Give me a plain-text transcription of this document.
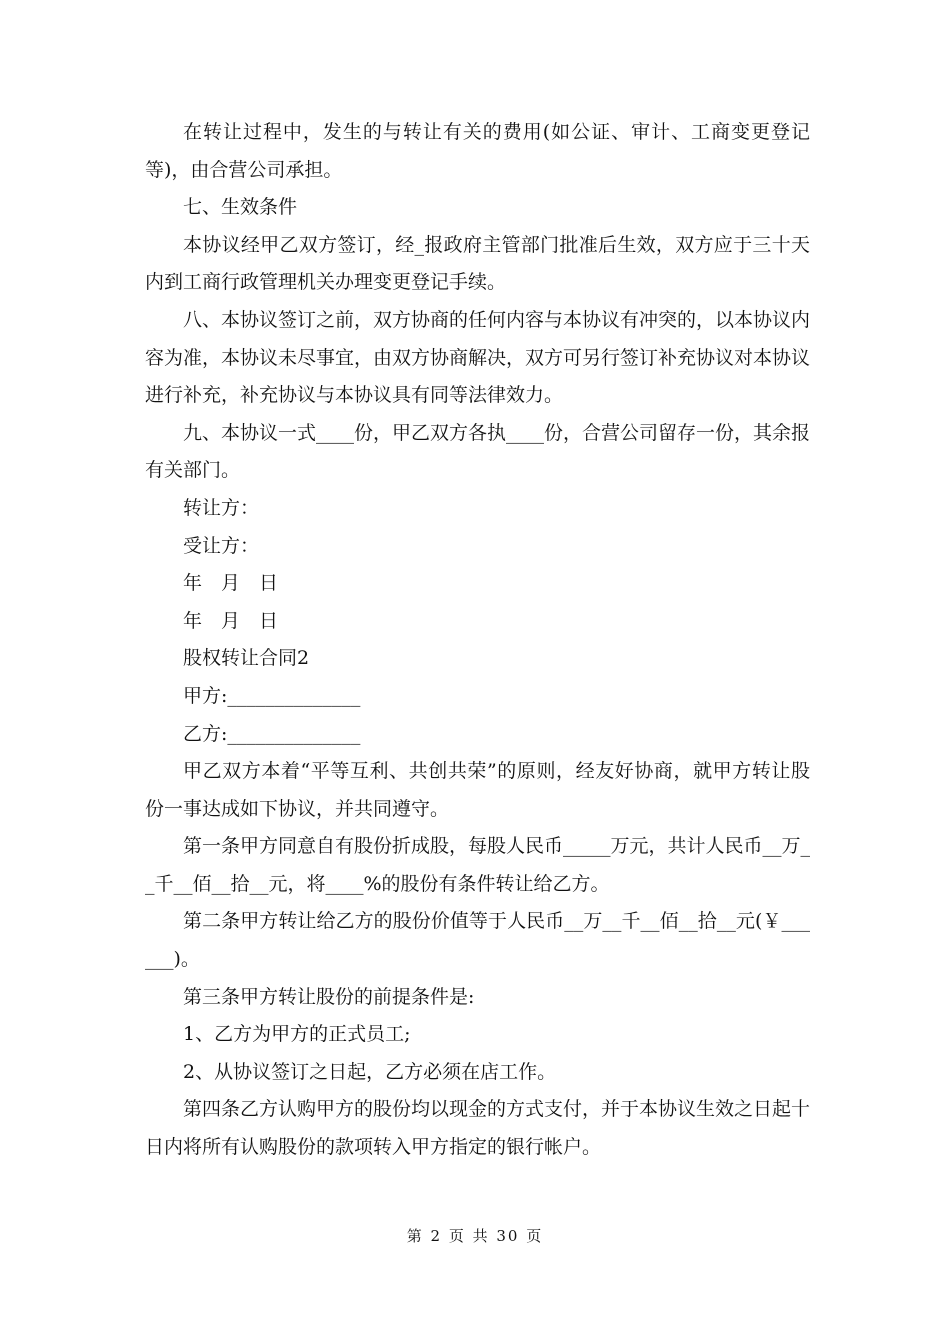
在转让过程中，发生的与转让有关的费用(如公证、审计、工商变更登记等)，由合营公司承担。

七、生效条件

本协议经甲乙双方签订，经_报政府主管部门批准后生效，双方应于三十天内到工商行政管理机关办理变更登记手续。

八、本协议签订之前，双方协商的任何内容与本协议有冲突的，以本协议内容为准，本协议未尽事宜，由双方协商解决，双方可另行签订补充协议对本协议进行补充，补充协议与本协议具有同等法律效力。

九、本协议一式____份，甲乙双方各执____份，合营公司留存一份，其余报有关部门。

转让方：

受让方：

年　月　日

年　月　日

股权转让合同2

甲方:______________

乙方:______________

甲乙双方本着“平等互利、共创共荣”的原则，经友好协商，就甲方转让股份一事达成如下协议，并共同遵守。

第一条甲方同意自有股份折成股，每股人民币_____万元，共计人民币__万__千__佰__拾__元，将____%的股份有条件转让给乙方。

第二条甲方转让给乙方的股份价值等于人民币__万__千__佰__拾__元(￥______)。

第三条甲方转让股份的前提条件是:

1、乙方为甲方的正式员工;

2、从协议签订之日起，乙方必须在店工作。

第四条乙方认购甲方的股份均以现金的方式支付，并于本协议生效之日起十日内将所有认购股份的款项转入甲方指定的银行帐户。

第 2 页 共 30 页
